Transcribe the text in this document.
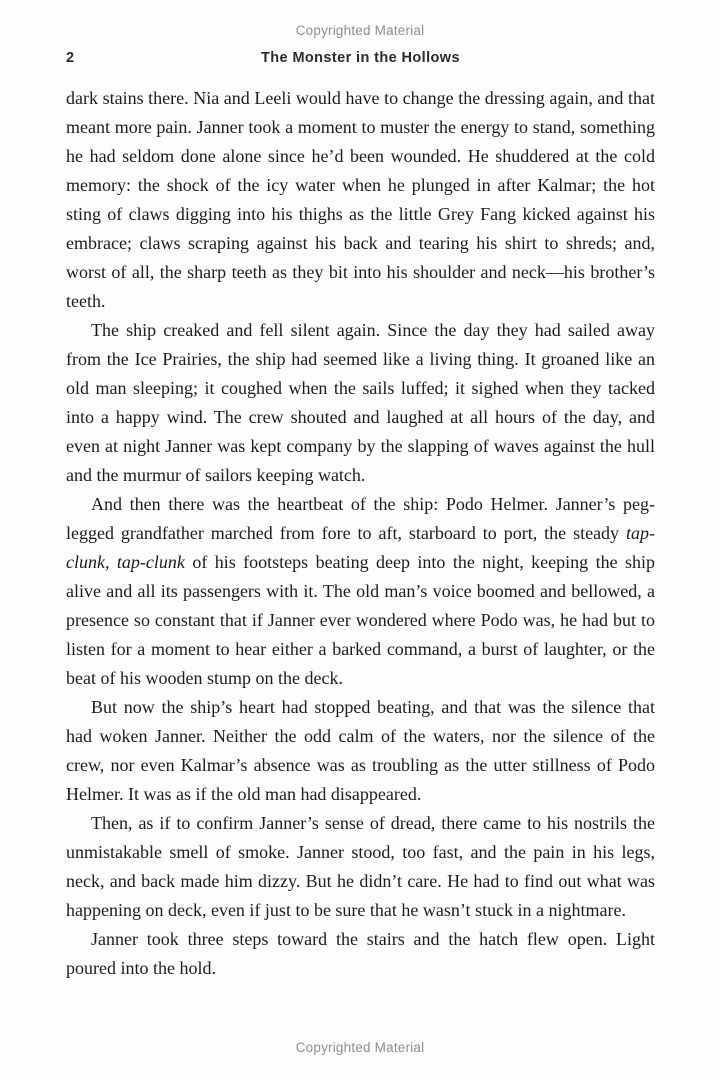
Copyrighted Material
2	The Monster in the Hollows

dark stains there. Nia and Leeli would have to change the dressing again, and that meant more pain. Janner took a moment to muster the energy to stand, something he had seldom done alone since he’d been wounded. He shuddered at the cold memory: the shock of the icy water when he plunged in after Kalmar; the hot sting of claws digging into his thighs as the little Grey Fang kicked against his embrace; claws scraping against his back and tearing his shirt to shreds; and, worst of all, the sharp teeth as they bit into his shoulder and neck—his brother’s teeth.

The ship creaked and fell silent again. Since the day they had sailed away from the Ice Prairies, the ship had seemed like a living thing. It groaned like an old man sleeping; it coughed when the sails luffed; it sighed when they tacked into a happy wind. The crew shouted and laughed at all hours of the day, and even at night Janner was kept company by the slapping of waves against the hull and the murmur of sailors keeping watch.

And then there was the heartbeat of the ship: Podo Helmer. Janner’s peg-legged grandfather marched from fore to aft, starboard to port, the steady tap-clunk, tap-clunk of his footsteps beating deep into the night, keeping the ship alive and all its passengers with it. The old man’s voice boomed and bellowed, a presence so constant that if Janner ever wondered where Podo was, he had but to listen for a moment to hear either a barked command, a burst of laughter, or the beat of his wooden stump on the deck.

But now the ship’s heart had stopped beating, and that was the silence that had woken Janner. Neither the odd calm of the waters, nor the silence of the crew, nor even Kalmar’s absence was as troubling as the utter stillness of Podo Helmer. It was as if the old man had disappeared.

Then, as if to confirm Janner’s sense of dread, there came to his nostrils the unmistakable smell of smoke. Janner stood, too fast, and the pain in his legs, neck, and back made him dizzy. But he didn’t care. He had to find out what was happening on deck, even if just to be sure that he wasn’t stuck in a nightmare.

Janner took three steps toward the stairs and the hatch flew open. Light poured into the hold.

Copyrighted Material
